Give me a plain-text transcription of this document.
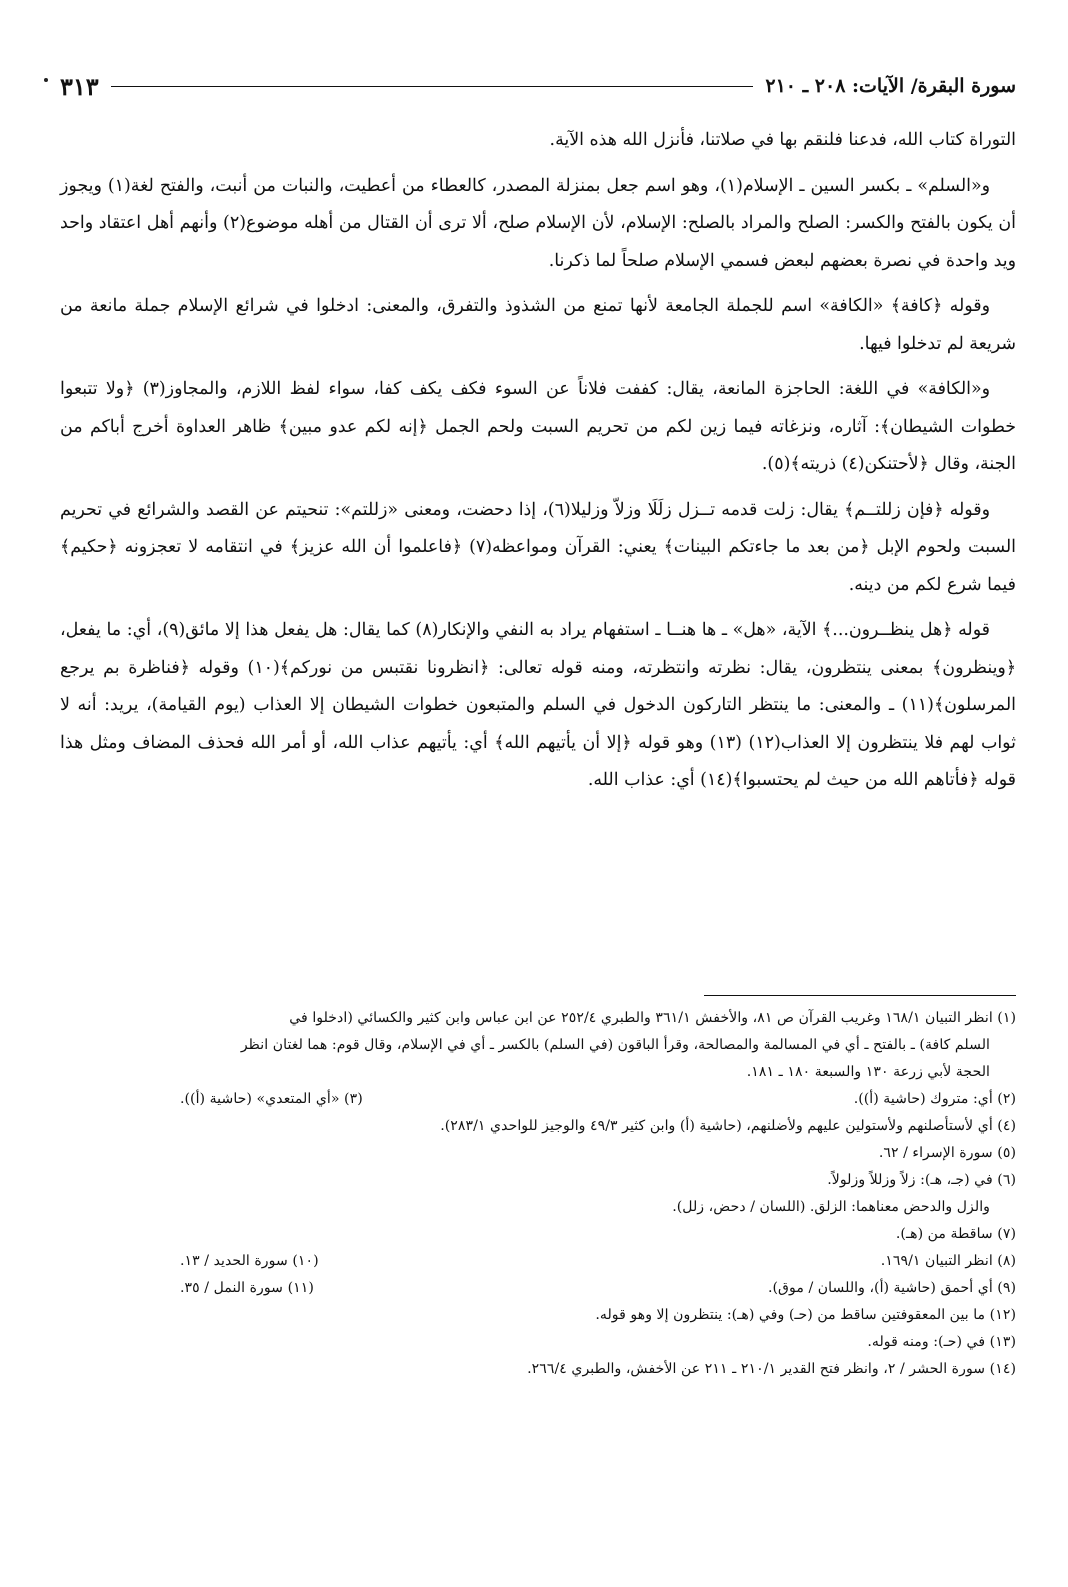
سورة البقرة/ الآيات: ٢٠٨ ـ ٢١٠
٣١٣

التوراة كتاب الله، فدعنا فلنقم بها في صلاتنا، فأنزل الله هذه الآية.

و«السلم» ـ بكسر السين ـ الإسلام(١)، وهو اسم جعل بمنزلة المصدر، كالعطاء من أعطيت، والنبات من أنبت، والفتح لغة(١) ويجوز أن يكون بالفتح والكسر: الصلح والمراد بالصلح: الإسلام، لأن الإسلام صلح، ألا ترى أن القتال من أهله موضوع(٢) وأنهم أهل اعتقاد واحد ويد واحدة في نصرة بعضهم لبعض فسمي الإسلام صلحاً لما ذكرنا.

وقوله ﴿كافة﴾ «الكافة» اسم للجملة الجامعة لأنها تمنع من الشذوذ والتفرق، والمعنى: ادخلوا في شرائع الإسلام جملة مانعة من شريعة لم تدخلوا فيها.

و«الكافة» في اللغة: الحاجزة المانعة، يقال: كففت فلاناً عن السوء فكف يكف كفا، سواء لفظ اللازم، والمجاوز(٣) ﴿ولا تتبعوا خطوات الشيطان﴾: آثاره، ونزغاته فيما زين لكم من تحريم السبت ولحم الجمل ﴿إنه لكم عدو مبين﴾ ظاهر العداوة أخرج أباكم من الجنة، وقال ﴿لأحتنكن(٤) ذريته﴾(٥).

وقوله ﴿فإن زللتــم﴾ يقال: زلت قدمه تــزل زلَلَا وزلاّ وزليلا(٦)، إذا دحضت، ومعنى «زللتم»: تنحيتم عن القصد والشرائع في تحريم السبت ولحوم الإبل ﴿من بعد ما جاءتكم البينات﴾ يعني: القرآن ومواعظه(٧) ﴿فاعلموا أن الله عزيز﴾ في انتقامه لا تعجزونه ﴿حكيم﴾ فيما شرع لكم من دينه.

قوله ﴿هل ينظــرون...﴾ الآية، «هل» ـ ها هنــا ـ استفهام يراد به النفي والإنكار(٨) كما يقال: هل يفعل هذا إلا مائق(٩)، أي: ما يفعل، ﴿وينظرون﴾ بمعنى ينتظرون، يقال: نظرته وانتظرته، ومنه قوله تعالى: ﴿انظرونا نقتبس من نوركم﴾(١٠) وقوله ﴿فناظرة بم يرجع المرسلون﴾(١١) ـ والمعنى: ما ينتظر التاركون الدخول في السلم والمتبعون خطوات الشيطان إلا العذاب (يوم القيامة)، يريد: أنه لا ثواب لهم فلا ينتظرون إلا العذاب(١٢) (١٣) وهو قوله ﴿إلا أن يأتيهم الله﴾ أي: يأتيهم عذاب الله، أو أمر الله فحذف المضاف ومثل هذا قوله ﴿فأتاهم الله من حيث لم يحتسبوا﴾(١٤) أي: عذاب الله.

(١) انظر التبيان ١٦٨/١ وغريب القرآن ص ٨١، والأخفش ٣٦١/١ والطبري ٢٥٢/٤ عن ابن عباس وابن كثير والكسائي (ادخلوا في

السلم كافة) ـ بالفتح ـ أي في المسالمة والمصالحة، وقرأ الباقون (في السلم) بالكسر ـ أي في الإسلام، وقال قوم: هما لغتان انظر

الحجة لأبي زرعة ١٣٠ والسبعة ١٨٠ ـ ١٨١.

(٢) أي: متروك (حاشية (أ)).
(٣) «أي المتعدي» (حاشية (أ)).

(٤) أي لأستأصلنهم ولأستولين عليهم ولأضلنهم، (حاشية (أ) وابن كثير ٤٩/٣ والوجيز للواحدي ٢٨٣/١).

(٥) سورة الإسراء / ٦٢.

(٦) في (جـ، هـ): زلاً وزللاً وزلولاً.

والزل والدحض معناهما: الزلق. (اللسان / دحض، زلل).

(٧) ساقطة من (هـ).

(٨) انظر التبيان ١٦٩/١.
(١٠) سورة الحديد / ١٣.
(٩) أي أحمق (حاشية (أ)، واللسان / موق).
(١١) سورة النمل / ٣٥.

(١٢) ما بين المعقوفتين ساقط من (حـ) وفي (هـ): ينتظرون إلا وهو قوله.

(١٣) في (حـ): ومنه قوله.

(١٤) سورة الحشر / ٢، وانظر فتح القدير ٢١٠/١ ـ ٢١١ عن الأخفش، والطبري ٢٦٦/٤.
